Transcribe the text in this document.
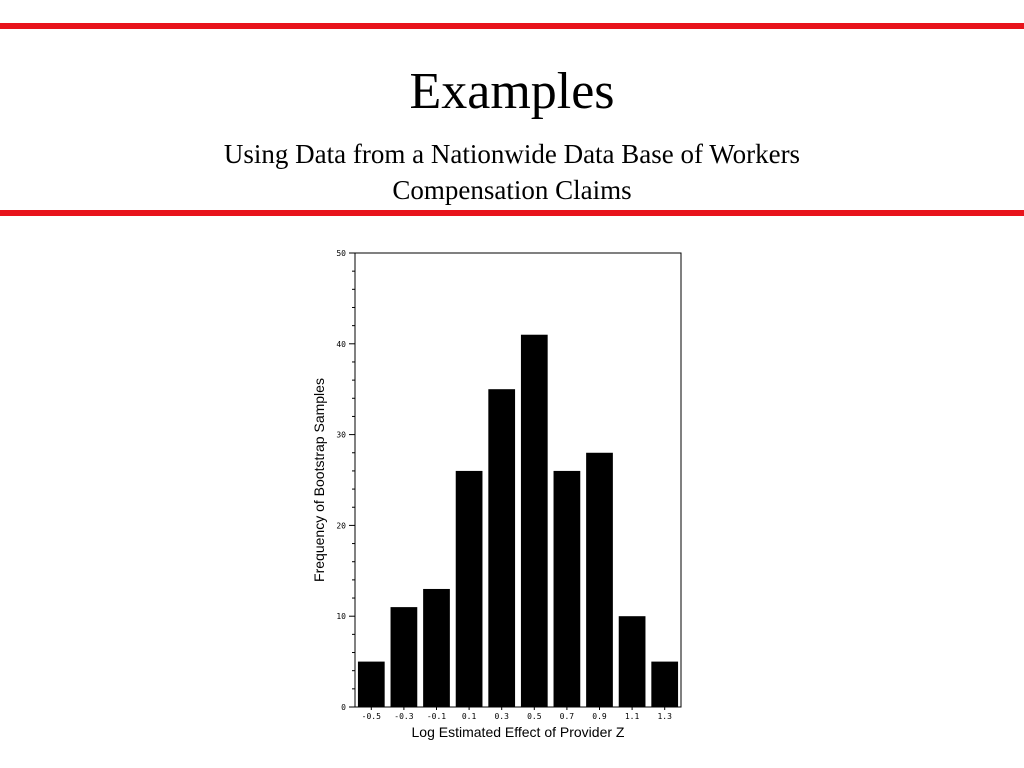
Examples
Using Data from a Nationwide Data Base of Workers
Compensation Claims
0
10
20
30
40
50
-0.5 -0.3 -0.1 0.1 0.3 0.5 0.7 0.9 1.1 1.3
Frequency of Bootstrap Samples
Log Estimated Effect of Provider Z
